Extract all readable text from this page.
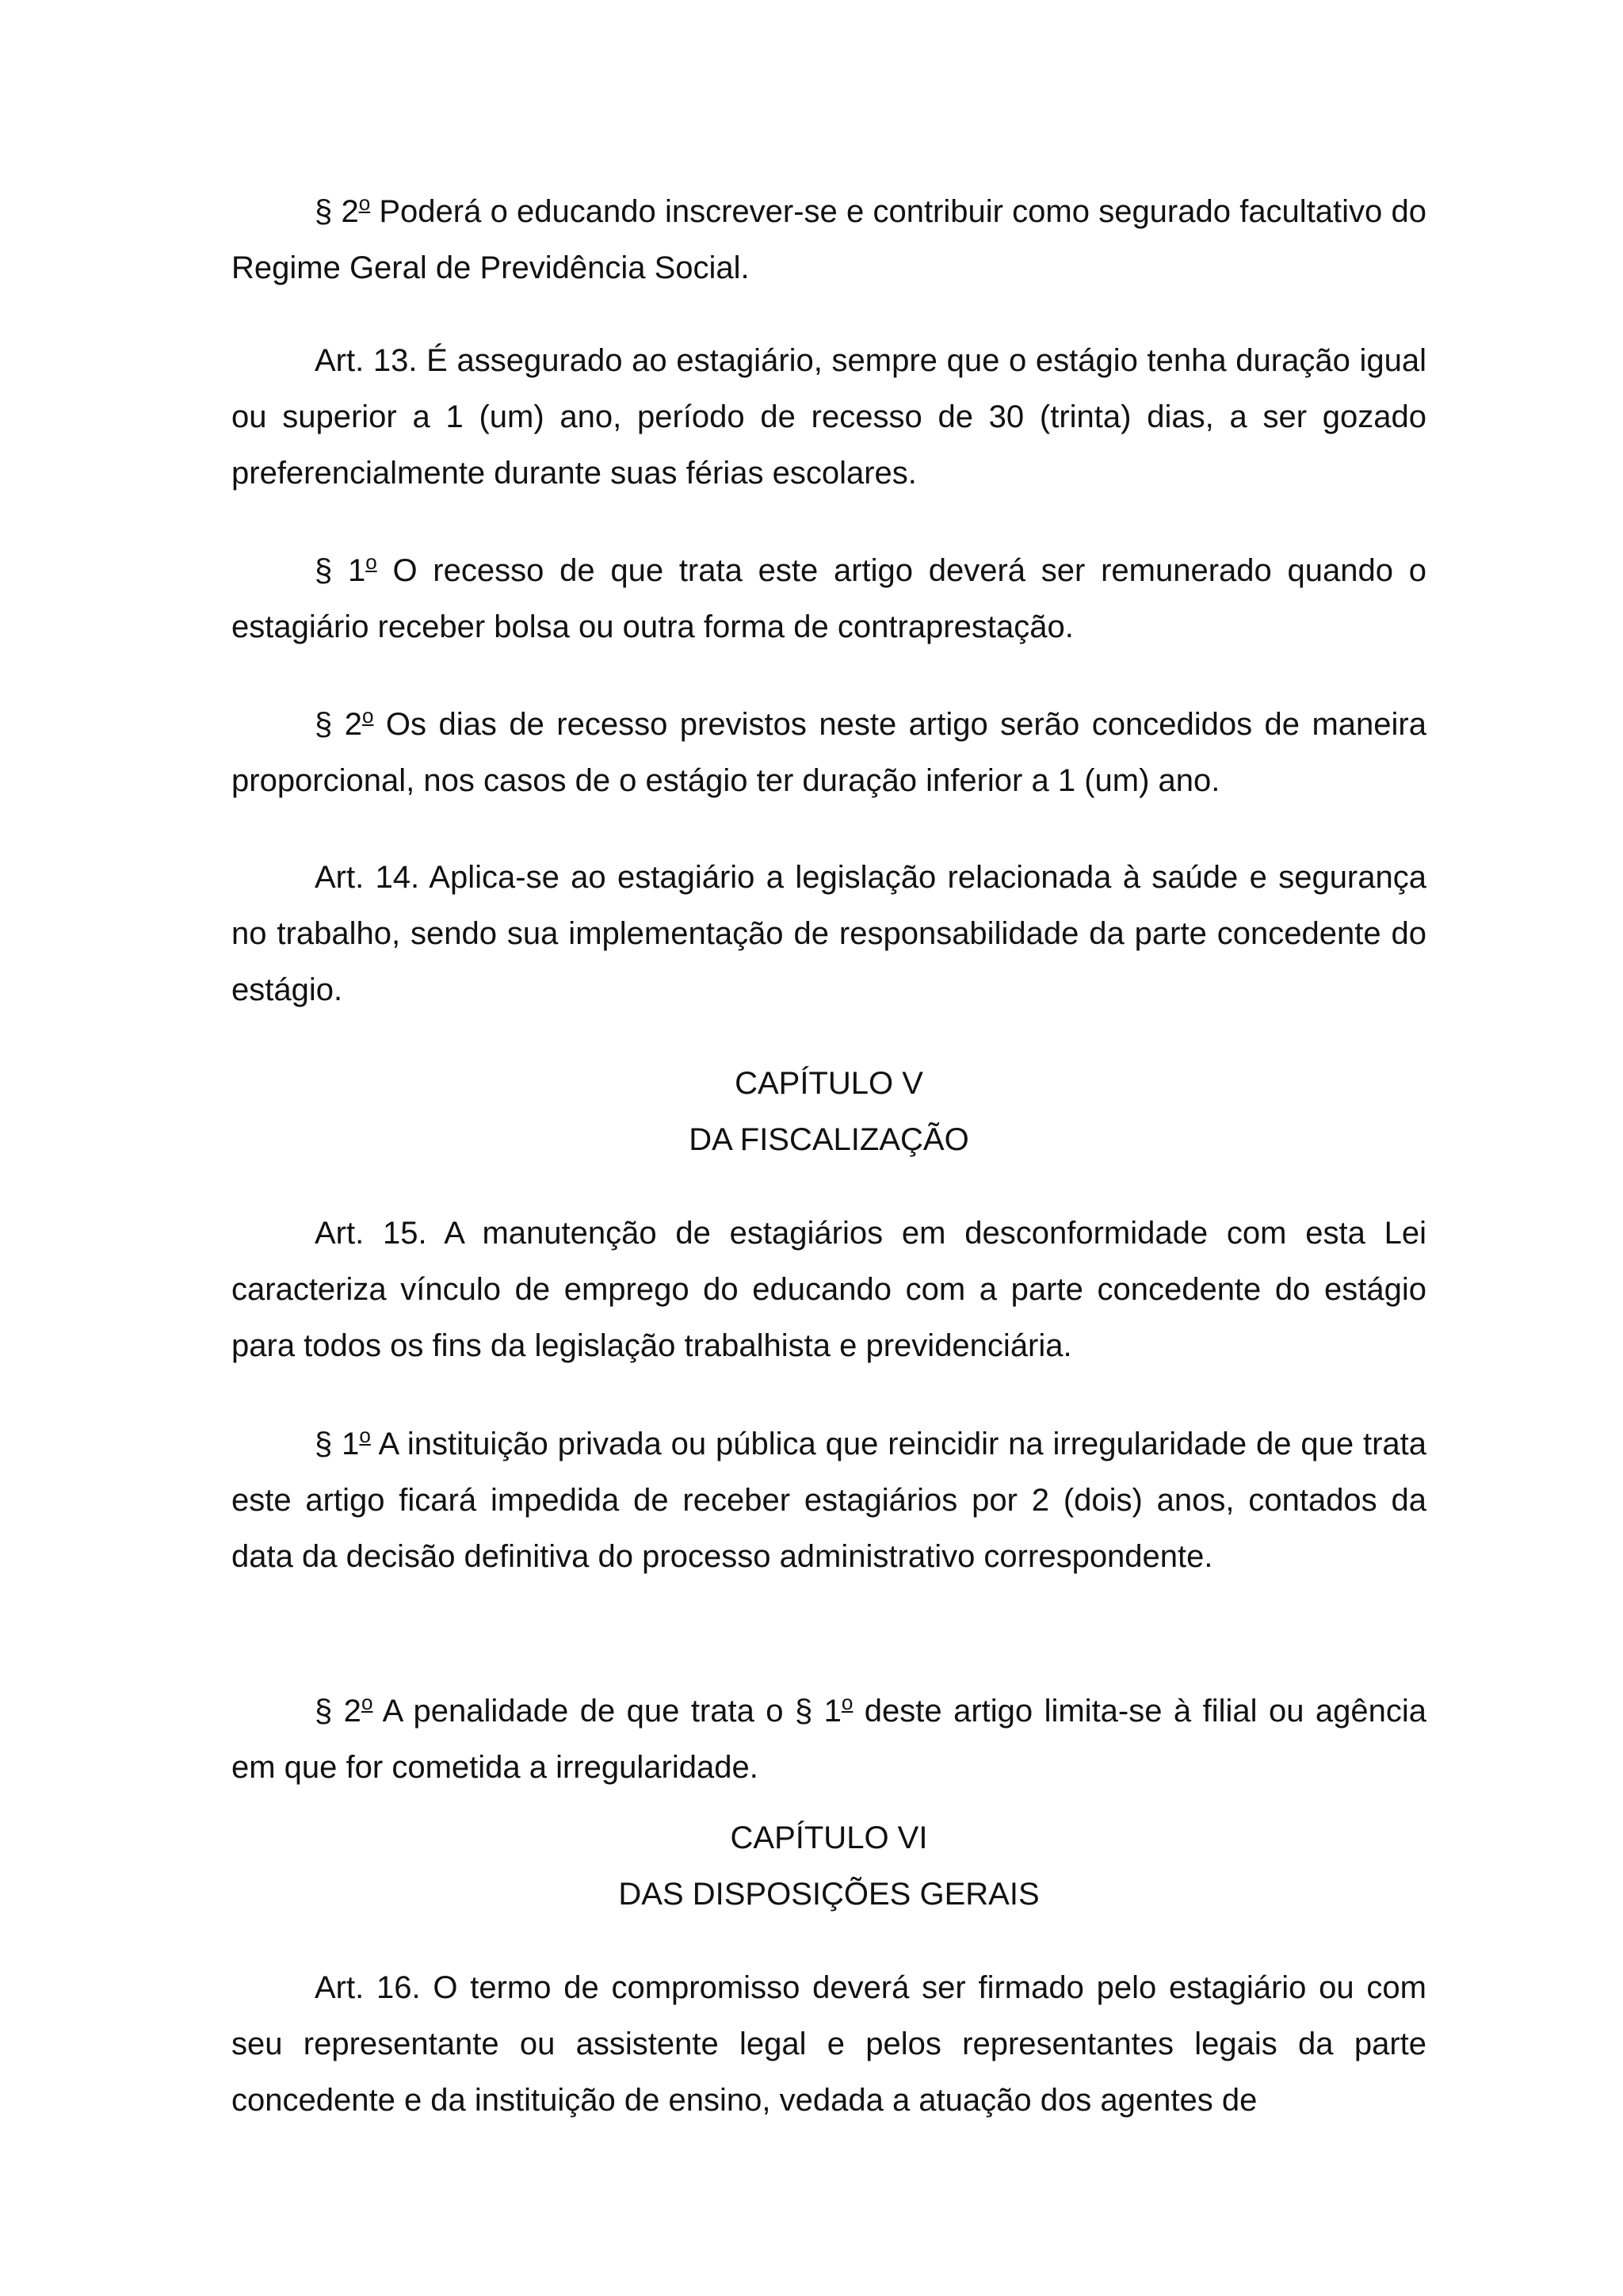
§ 2$^o$ Poderá o educando inscrever-se e contribuir como segurado facultativo do Regime Geral de Previdência Social.

Art. 13. É assegurado ao estagiário, sempre que o estágio tenha duração igual ou superior a 1 (um) ano, período de recesso de 30 (trinta) dias, a ser gozado preferencialmente durante suas férias escolares.

§ 1$^o$ O recesso de que trata este artigo deverá ser remunerado quando o estagiário receber bolsa ou outra forma de contraprestação.

§ 2$^o$ Os dias de recesso previstos neste artigo serão concedidos de maneira proporcional, nos casos de o estágio ter duração inferior a 1 (um) ano.

Art. 14. Aplica-se ao estagiário a legislação relacionada à saúde e segurança no trabalho, sendo sua implementação de responsabilidade da parte concedente do estágio.

CAPÍTULO V

DA FISCALIZAÇÃO

Art. 15. A manutenção de estagiários em desconformidade com esta Lei caracteriza vínculo de emprego do educando com a parte concedente do estágio para todos os fins da legislação trabalhista e previdenciária.

§ 1$^o$ A instituição privada ou pública que reincidir na irregularidade de que trata este artigo ficará impedida de receber estagiários por 2 (dois) anos, contados da data da decisão definitiva do processo administrativo correspondente.

§ 2$^o$ A penalidade de que trata o § 1$^o$ deste artigo limita-se à filial ou agência em que for cometida a irregularidade.

CAPÍTULO VI

DAS DISPOSIÇÕES GERAIS

Art. 16. O termo de compromisso deverá ser firmado pelo estagiário ou com seu representante ou assistente legal e pelos representantes legais da parte concedente e da instituição de ensino, vedada a atuação dos agentes de
